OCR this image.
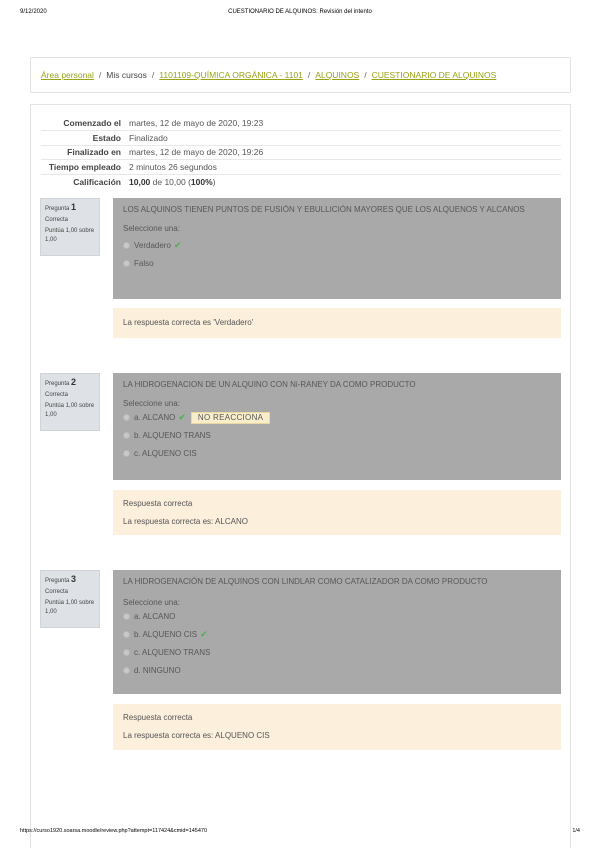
9/12/2020	CUESTIONARIO DE ALQUINOS: Revisión del intento
Área personal / Mis cursos / 1101109-QUÍMICA ORGÁNICA - 1101 / ALQUINOS / CUESTIONARIO DE ALQUINOS
Comenzado el	martes, 12 de mayo de 2020, 19:23
Estado	Finalizado
Finalizado en	martes, 12 de mayo de 2020, 19:26
Tiempo empleado	2 minutos 26 segundos
Calificación	10,00 de 10,00 (100%)
Pregunta 1
Correcta
Puntúa 1,00 sobre 1,00
LOS ALQUINOS TIENEN PUNTOS DE FUSIÓN Y EBULLICIÓN MAYORES QUE LOS ALQUENOS Y ALCANOS
Seleccione una:
Verdadero ✔
Falso
La respuesta correcta es 'Verdadero'
Pregunta 2
Correcta
Puntúa 1,00 sobre 1,00
LA HIDROGENACION DE UN ALQUINO CON Ni-RANEY DA COMO PRODUCTO
Seleccione una:
a. ALCANO ✔	NO REACCIONA
b. ALQUENO TRANS
c. ALQUENO CIS
Respuesta correcta
La respuesta correcta es: ALCANO
Pregunta 3
Correcta
Puntúa 1,00 sobre 1,00
LA HIDROGENACIÓN DE ALQUINOS CON LINDLAR COMO CATALIZADOR DA COMO PRODUCTO
Seleccione una:
a. ALCANO
b. ALQUENO CIS ✔
c. ALQUENO TRANS
d. NINGUNO
Respuesta correcta
La respuesta correcta es: ALQUENO CIS
https://curso1920.soarsa.moodle/review.php?attempt=117424&cmid=145470	1/4
